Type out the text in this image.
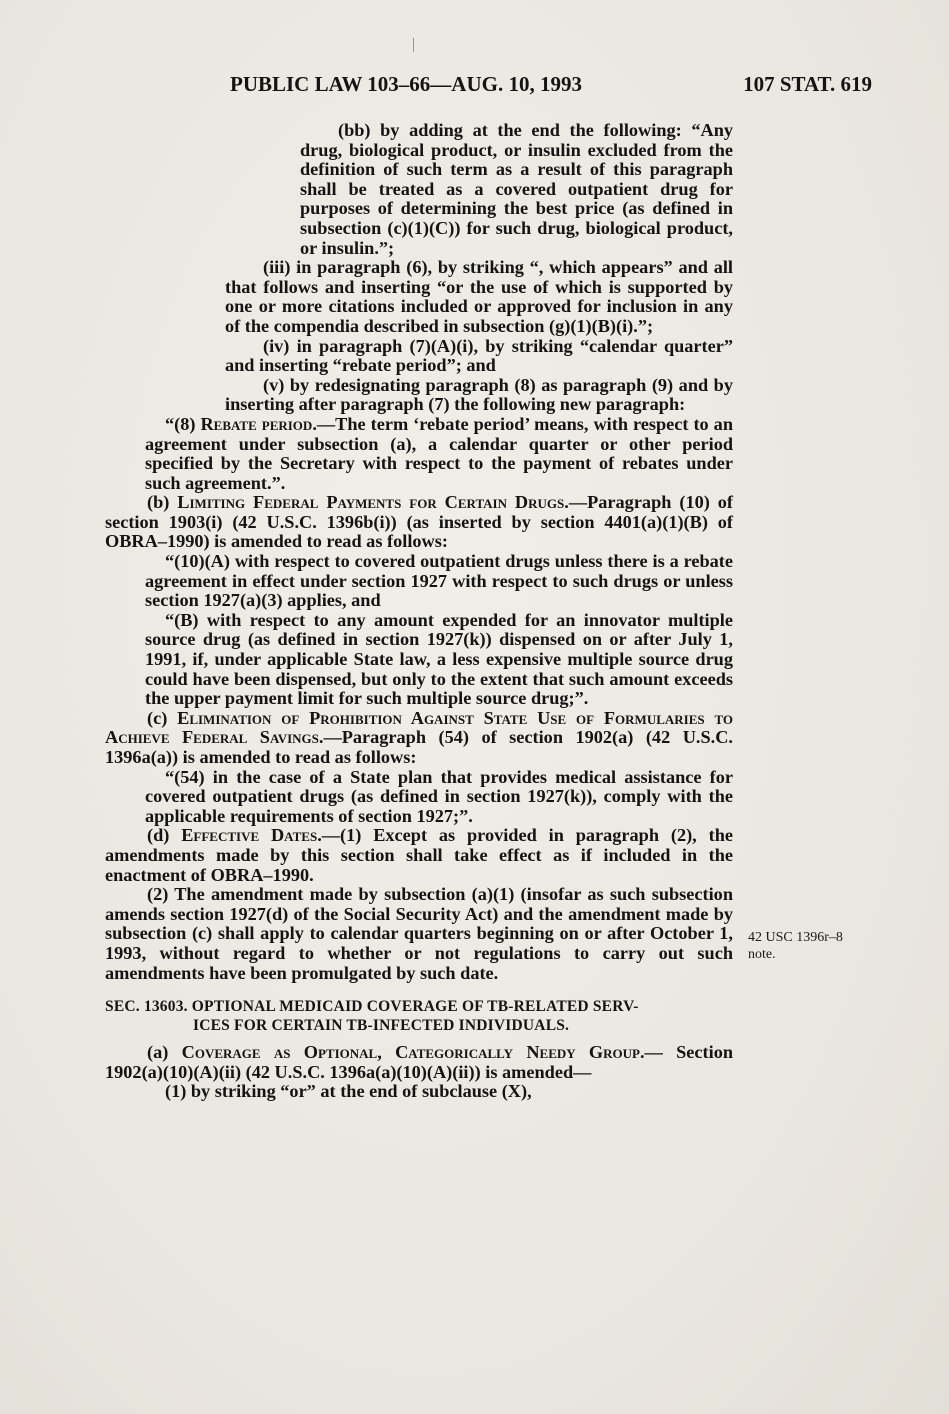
PUBLIC LAW 103–66—AUG. 10, 1993	107 STAT. 619

(bb) by adding at the end the following: “Any drug, biological product, or insulin excluded from the definition of such term as a result of this paragraph shall be treated as a covered outpatient drug for purposes of determining the best price (as defined in subsection (c)(1)(C)) for such drug, biological product, or insulin.”;

(iii) in paragraph (6), by striking “, which appears” and all that follows and inserting “or the use of which is supported by one or more citations included or approved for inclusion in any of the compendia described in subsection (g)(1)(B)(i).”;

(iv) in paragraph (7)(A)(i), by striking “calendar quarter” and inserting “rebate period”; and

(v) by redesignating paragraph (8) as paragraph (9) and by inserting after paragraph (7) the following new paragraph:

“(8) Rebate period.—The term ‘rebate period’ means, with respect to an agreement under subsection (a), a calendar quarter or other period specified by the Secretary with respect to the payment of rebates under such agreement.”.

(b) Limiting Federal Payments for Certain Drugs.—Paragraph (10) of section 1903(i) (42 U.S.C. 1396b(i)) (as inserted by section 4401(a)(1)(B) of OBRA–1990) is amended to read as follows:

“(10)(A) with respect to covered outpatient drugs unless there is a rebate agreement in effect under section 1927 with respect to such drugs or unless section 1927(a)(3) applies, and

“(B) with respect to any amount expended for an innovator multiple source drug (as defined in section 1927(k)) dispensed on or after July 1, 1991, if, under applicable State law, a less expensive multiple source drug could have been dispensed, but only to the extent that such amount exceeds the upper payment limit for such multiple source drug;”.

(c) Elimination of Prohibition Against State Use of Formularies to Achieve Federal Savings.—Paragraph (54) of section 1902(a) (42 U.S.C. 1396a(a)) is amended to read as follows:

“(54) in the case of a State plan that provides medical assistance for covered outpatient drugs (as defined in section 1927(k)), comply with the applicable requirements of section 1927;”.

(d) Effective Dates.—(1) Except as provided in paragraph (2), the amendments made by this section shall take effect as if included in the enactment of OBRA–1990.

(2) The amendment made by subsection (a)(1) (insofar as such subsection amends section 1927(d) of the Social Security Act) and the amendment made by subsection (c) shall apply to calendar quarters beginning on or after October 1, 1993, without regard to whether or not regulations to carry out such amendments have been promulgated by such date.

SEC. 13603. OPTIONAL MEDICAID COVERAGE OF TB-RELATED SERV-
ICES FOR CERTAIN TB-INFECTED INDIVIDUALS.

(a) Coverage as Optional, Categorically Needy Group.— Section 1902(a)(10)(A)(ii) (42 U.S.C. 1396a(a)(10)(A)(ii)) is amended—

(1) by striking “or” at the end of subclause (X),

42 USC 1396r–8
note.
